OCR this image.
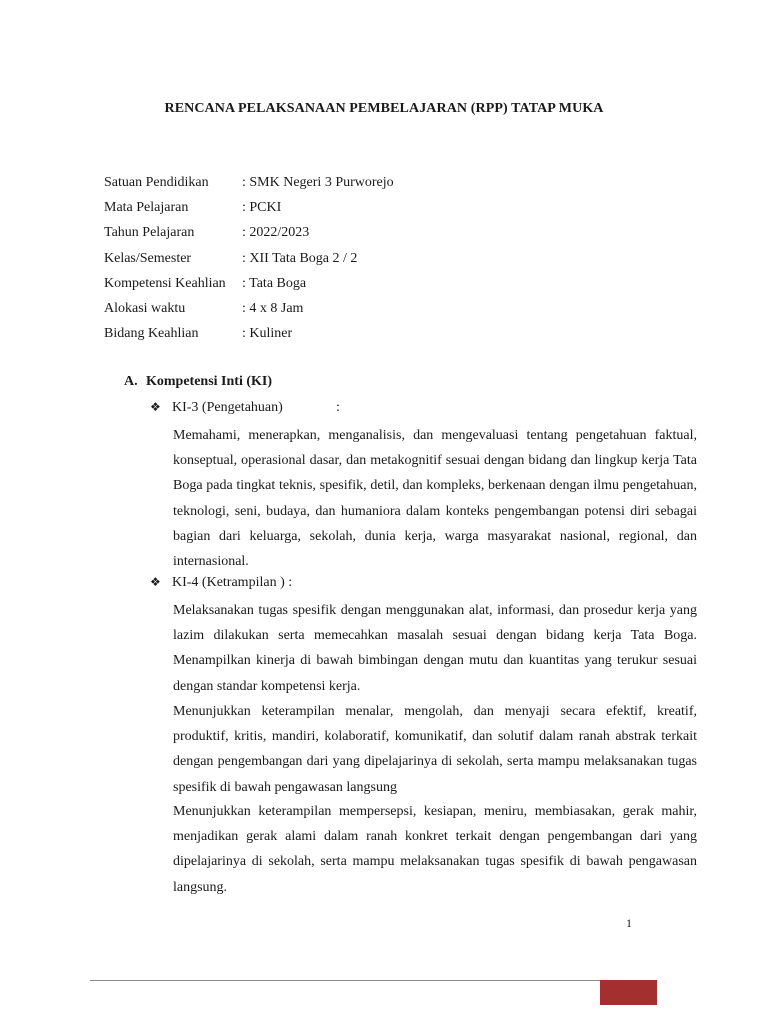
RENCANA PELAKSANAAN PEMBELAJARAN (RPP) TATAP MUKA
Satuan Pendidikan : SMK Negeri 3 Purworejo
Mata Pelajaran	: PCKI
Tahun Pelajaran	: 2022/2023
Kelas/Semester	: XII Tata Boga 2 / 2
Kompetensi Keahlian : Tata Boga
Alokasi waktu	: 4 x 8 Jam
Bidang Keahlian	: Kuliner
A. Kompetensi Inti (KI)
❖ KI-3 (Pengetahuan)	:

Memahami, menerapkan, menganalisis, dan mengevaluasi tentang pengetahuan faktual, konseptual, operasional dasar, dan metakognitif sesuai dengan bidang dan lingkup kerja Tata Boga pada tingkat teknis, spesifik, detil, dan kompleks, berkenaan dengan ilmu pengetahuan, teknologi, seni, budaya, dan humaniora dalam konteks pengembangan potensi diri sebagai bagian dari keluarga, sekolah, dunia kerja, warga masyarakat nasional, regional, dan internasional.

❖ KI-4 (Ketrampilan ) :

Melaksanakan tugas spesifik dengan menggunakan alat, informasi, dan prosedur kerja yang lazim dilakukan serta memecahkan masalah sesuai dengan bidang kerja Tata Boga. Menampilkan kinerja di bawah bimbingan dengan mutu dan kuantitas yang terukur sesuai dengan standar kompetensi kerja.

Menunjukkan keterampilan menalar, mengolah, dan menyaji secara efektif, kreatif, produktif, kritis, mandiri, kolaboratif, komunikatif, dan solutif dalam ranah abstrak terkait dengan pengembangan dari yang dipelajarinya di sekolah, serta mampu melaksanakan tugas spesifik di bawah pengawasan langsung

Menunjukkan keterampilan mempersepsi, kesiapan, meniru, membiasakan, gerak mahir, menjadikan gerak alami dalam ranah konkret terkait dengan pengembangan dari yang dipelajarinya di sekolah, serta mampu melaksanakan tugas spesifik di bawah pengawasan langsung.

1
